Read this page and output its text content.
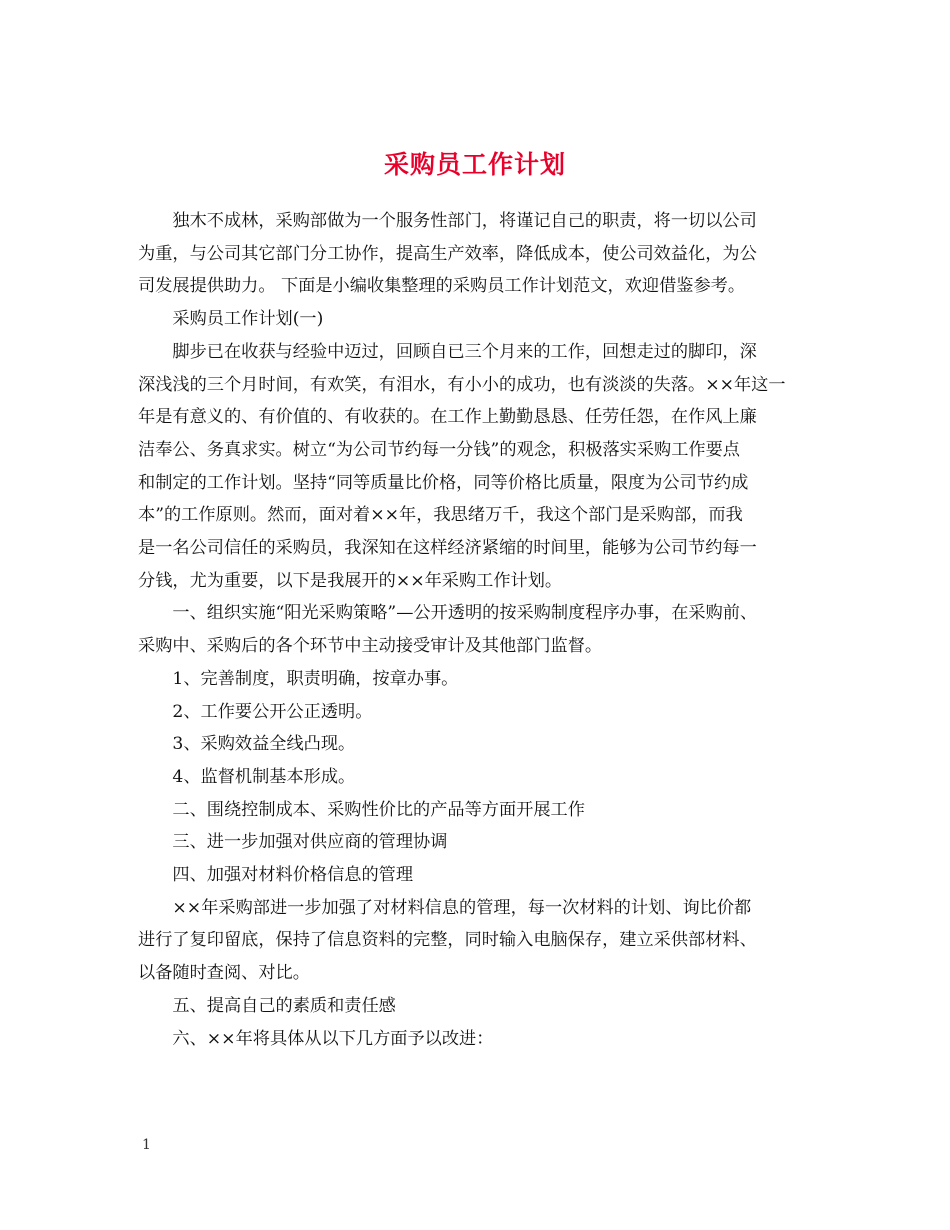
采购员工作计划
独木不成林，采购部做为一个服务性部门，将谨记自己的职责，将一切以公司
为重，与公司其它部门分工协作，提高生产效率，降低成本，使公司效益化，为公
司发展提供助力。 下面是小编收集整理的采购员工作计划范文，欢迎借鉴参考。
采购员工作计划(一)
脚步已在收获与经验中迈过，回顾自已三个月来的工作，回想走过的脚印，深
深浅浅的三个月时间，有欢笑，有泪水，有小小的成功，也有淡淡的失落。××年这一
年是有意义的、有价值的、有收获的。在工作上勤勤恳恳、任劳任怨，在作风上廉
洁奉公、务真求实。树立“为公司节约每一分钱”的观念，积极落实采购工作要点
和制定的工作计划。坚持“同等质量比价格，同等价格比质量，限度为公司节约成
本”的工作原则。然而，面对着××年，我思绪万千，我这个部门是采购部，而我
是一名公司信任的采购员，我深知在这样经济紧缩的时间里，能够为公司节约每一
分钱，尤为重要，以下是我展开的××年采购工作计划。
一、组织实施“阳光采购策略”—公开透明的按采购制度程序办事，在采购前、
采购中、采购后的各个环节中主动接受审计及其他部门监督。
1、完善制度，职责明确，按章办事。
2、工作要公开公正透明。
3、采购效益全线凸现。
4、监督机制基本形成。
二、围绕控制成本、采购性价比的产品等方面开展工作
三、进一步加强对供应商的管理协调
四、加强对材料价格信息的管理
××年采购部进一步加强了对材料信息的管理，每一次材料的计划、询比价都
进行了复印留底，保持了信息资料的完整，同时输入电脑保存，建立采供部材料、
以备随时查阅、对比。
五、提高自己的素质和责任感
六、××年将具体从以下几方面予以改进：
1
